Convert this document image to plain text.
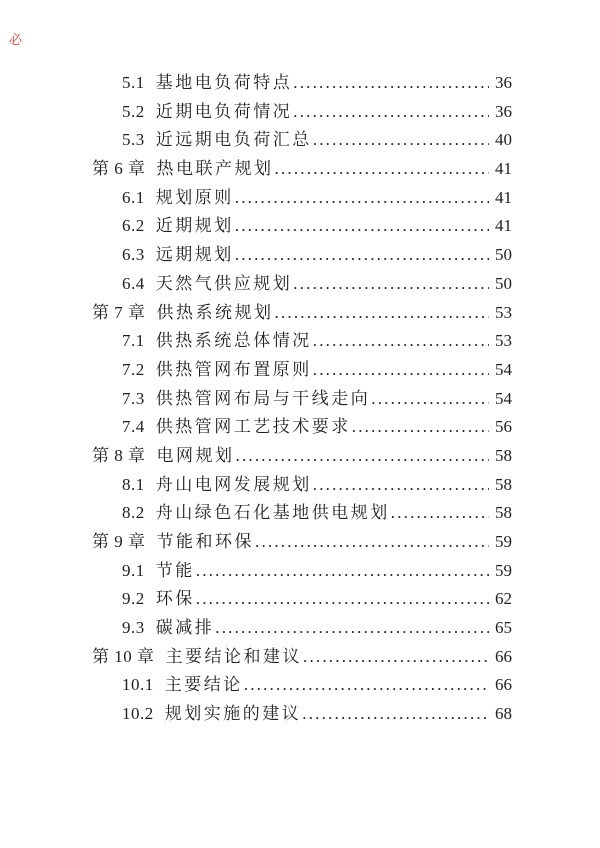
必
5.1 基地电负荷特点 .....	36
5.2 近期电负荷情况 .....	36
5.3 近远期电负荷汇总 .....	40
第 6 章 热电联产规划 .....	41
6.1 规划原则 .....	41
6.2 近期规划 .....	41
6.3 远期规划 .....	50
6.4 天然气供应规划 .....	50
第 7 章 供热系统规划 .....	53
7.1 供热系统总体情况 .....	53
7.2 供热管网布置原则 .....	54
7.3 供热管网布局与干线走向 .....	54
7.4 供热管网工艺技术要求 .....	56
第 8 章 电网规划 .....	58
8.1 舟山电网发展规划 .....	58
8.2 舟山绿色石化基地供电规划 .....	58
第 9 章 节能和环保 .....	59
9.1 节能 .....	59
9.2 环保 .....	62
9.3 碳减排 .....	65
第 10 章 主要结论和建议 .....	66
10.1 主要结论 .....	66
10.2 规划实施的建议 .....	68
